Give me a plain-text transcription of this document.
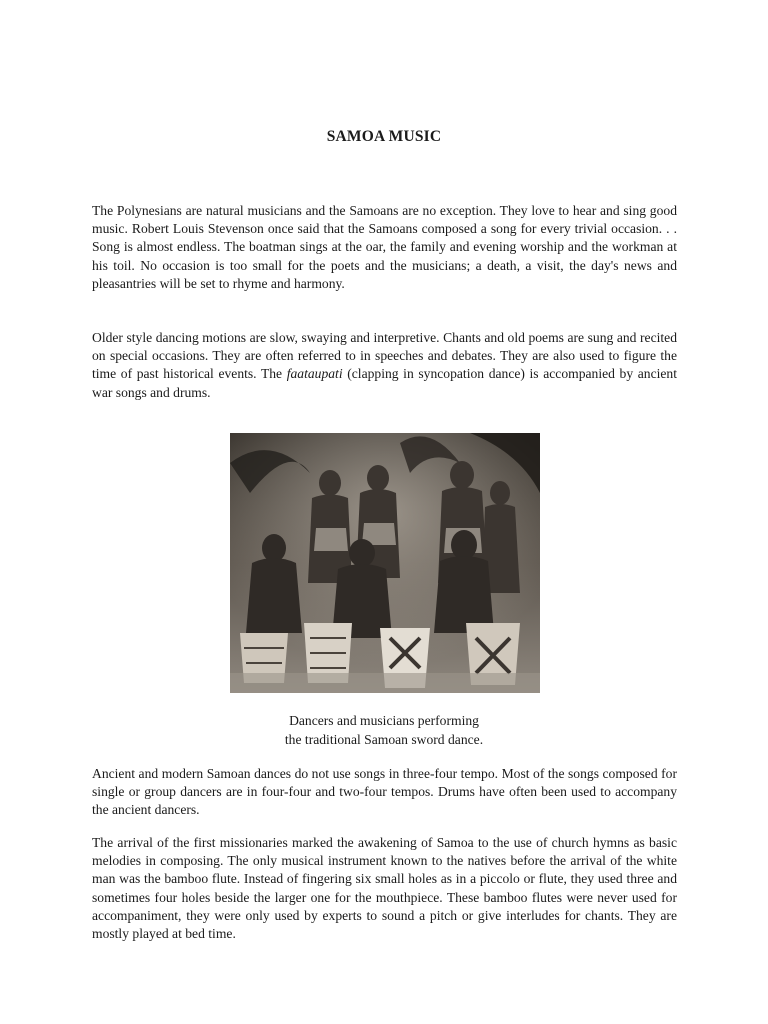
SAMOA MUSIC

The Polynesians are natural musicians and the Samoans are no exception. They love to hear and sing good music. Robert Louis Stevenson once said that the Samoans composed a song for every trivial occasion. . . Song is almost endless. The boatman sings at the oar, the family and evening worship and the workman at his toil. No occasion is too small for the poets and the musicians; a death, a visit, the day's news and pleasantries will be set to rhyme and harmony.

Older style dancing motions are slow, swaying and interpretive. Chants and old poems are sung and recited on special occasions. They are often referred to in speeches and debates. They are also used to figure the time of past historical events. The faataupati (clapping in syncopation dance) is accompanied by ancient war songs and drums.

Dancers and musicians performing
the traditional Samoan sword dance.

Ancient and modern Samoan dances do not use songs in three-four tempo. Most of the songs composed for single or group dancers are in four-four and two-four tempos. Drums have often been used to accompany the ancient dancers.

The arrival of the first missionaries marked the awakening of Samoa to the use of church hymns as basic melodies in composing. The only musical instrument known to the natives before the arrival of the white man was the bamboo flute. Instead of fingering six small holes as in a piccolo or flute, they used three and sometimes four holes beside the larger one for the mouthpiece. These bamboo flutes were never used for accompaniment, they were only used by experts to sound a pitch or give interludes for chants. They are mostly played at bed time.
